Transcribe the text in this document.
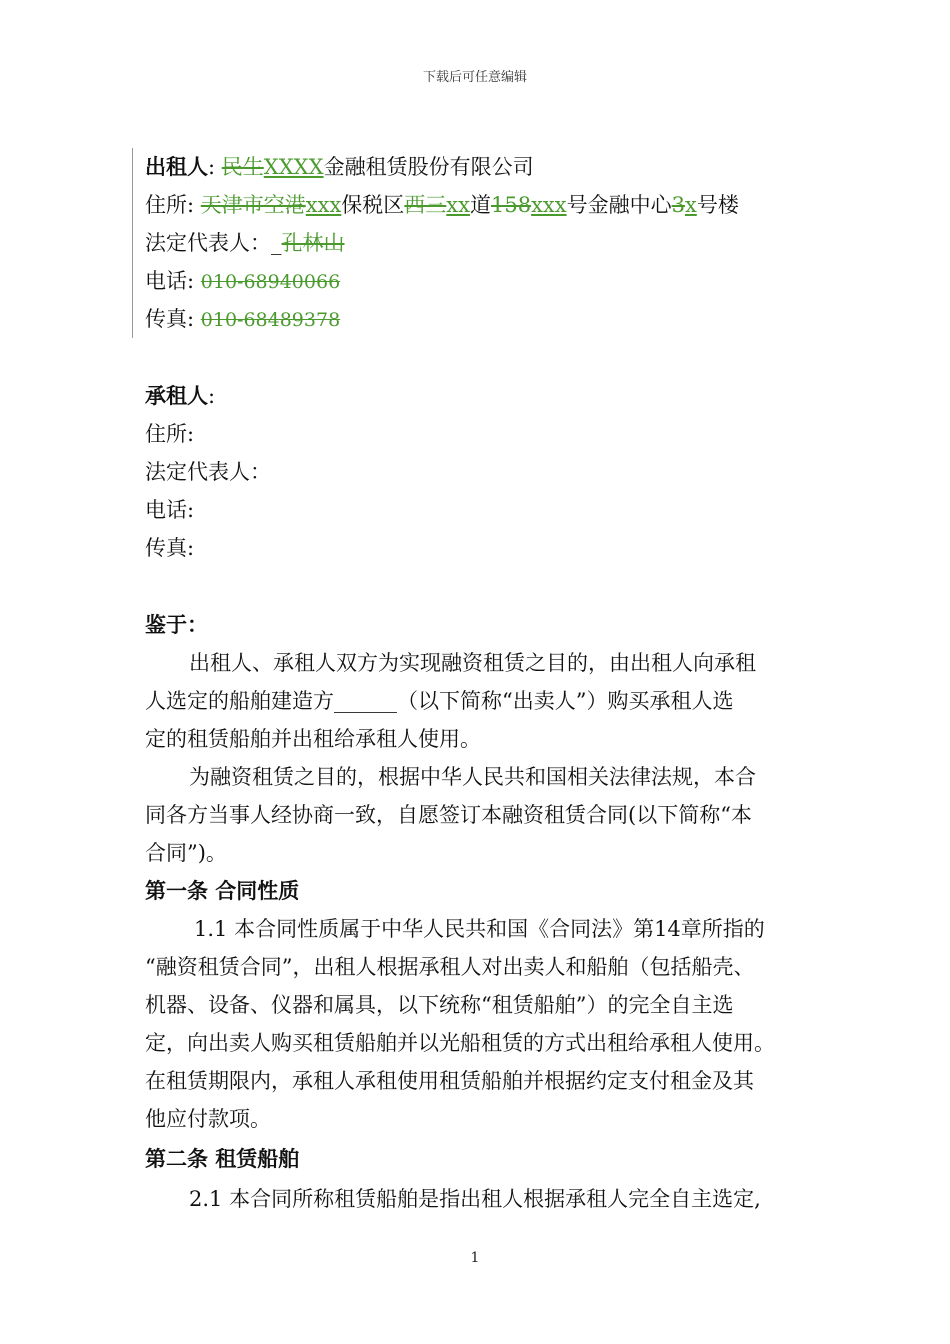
下载后可任意编辑
出租人: 民生XXXX金融租赁股份有限公司
住所: 天津市空港xxx保税区西三xx道158xxx号金融中心3x号楼
法定代表人：_孔林山
电话: 010-68940066
传真: 010-68489378
承租人:
住所:
法定代表人：
电话:
传真:
鉴于：
出租人、承租人双方为实现融资租赁之目的，由出租人向承租
人选定的船舶建造方______（以下简称“出卖人”）购买承租人选
定的租赁船舶并出租给承租人使用。
为融资租赁之目的，根据中华人民共和国相关法律法规，本合
同各方当事人经协商一致，自愿签订本融资租赁合同(以下简称“本
合同”)。
第一条 合同性质
1.1 本合同性质属于中华人民共和国《合同法》第14章所指的
“融资租赁合同”，出租人根据承租人对出卖人和船舶（包括船壳、
机器、设备、仪器和属具，以下统称“租赁船舶”）的完全自主选
定，向出卖人购买租赁船舶并以光船租赁的方式出租给承租人使用。
在租赁期限内，承租人承租使用租赁船舶并根据约定支付租金及其
他应付款项。
第二条 租赁船舶
2.1 本合同所称租赁船舶是指出租人根据承租人完全自主选定,
1
